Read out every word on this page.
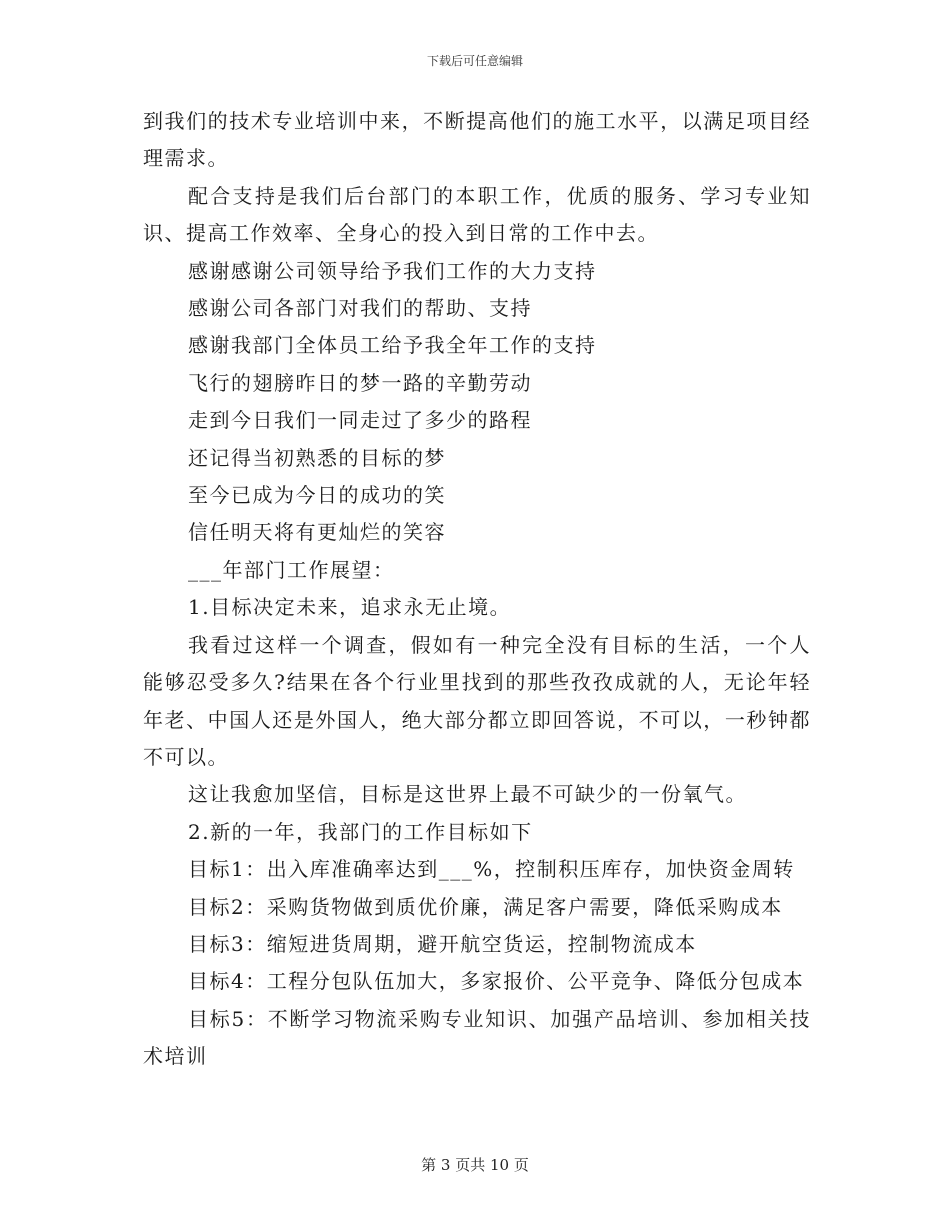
下载后可任意编辑

到我们的技术专业培训中来，不断提高他们的施工水平，以满足项目经理需求。

配合支持是我们后台部门的本职工作，优质的服务、学习专业知识、提高工作效率、全身心的投入到日常的工作中去。

感谢感谢公司领导给予我们工作的大力支持

感谢公司各部门对我们的帮助、支持

感谢我部门全体员工给予我全年工作的支持

飞行的翅膀昨日的梦一路的辛勤劳动

走到今日我们一同走过了多少的路程

还记得当初熟悉的目标的梦

至今已成为今日的成功的笑

信任明天将有更灿烂的笑容

___年部门工作展望：

1.目标决定未来，追求永无止境。

我看过这样一个调查，假如有一种完全没有目标的生活，一个人能够忍受多久?结果在各个行业里找到的那些孜孜成就的人，无论年轻年老、中国人还是外国人，绝大部分都立即回答说，不可以，一秒钟都不可以。

这让我愈加坚信，目标是这世界上最不可缺少的一份氧气。

2.新的一年，我部门的工作目标如下

目标1：出入库准确率达到___%，控制积压库存，加快资金周转

目标2：采购货物做到质优价廉，满足客户需要，降低采购成本

目标3：缩短进货周期，避开航空货运，控制物流成本

目标4：工程分包队伍加大，多家报价、公平竞争、降低分包成本

目标5：不断学习物流采购专业知识、加强产品培训、参加相关技术培训

第 3 页共 10 页
